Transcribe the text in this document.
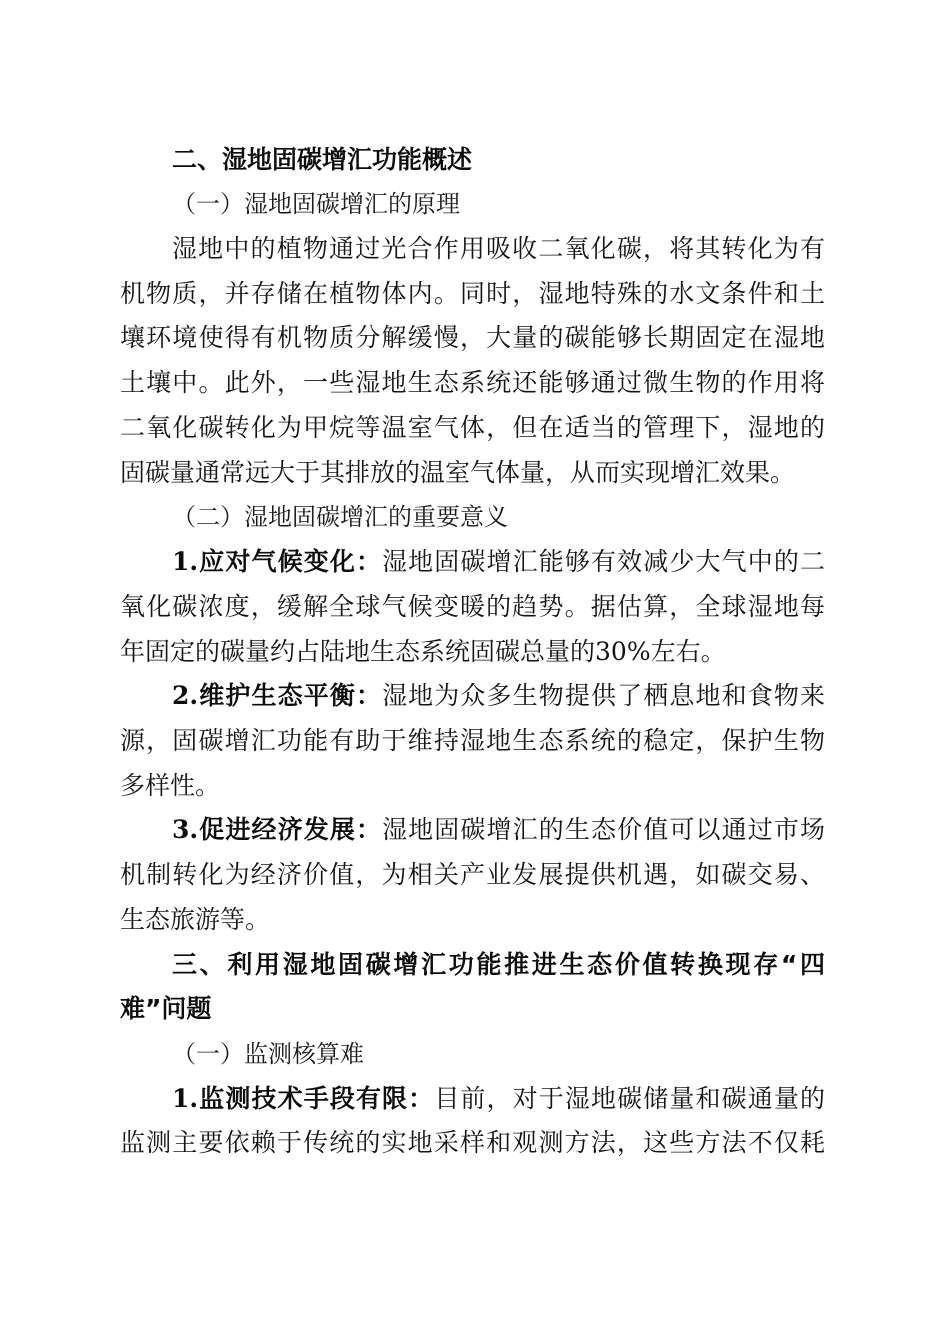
二、湿地固碳增汇功能概述
（一）湿地固碳增汇的原理
湿地中的植物通过光合作用吸收二氧化碳，将其转化为有
机物质，并存储在植物体内。同时，湿地特殊的水文条件和土
壤环境使得有机物质分解缓慢，大量的碳能够长期固定在湿地
土壤中。此外，一些湿地生态系统还能够通过微生物的作用将
二氧化碳转化为甲烷等温室气体，但在适当的管理下，湿地的
固碳量通常远大于其排放的温室气体量，从而实现增汇效果。
（二）湿地固碳增汇的重要意义
1.应对气候变化：湿地固碳增汇能够有效减少大气中的二
氧化碳浓度，缓解全球气候变暖的趋势。据估算，全球湿地每
年固定的碳量约占陆地生态系统固碳总量的30%左右。
2.维护生态平衡：湿地为众多生物提供了栖息地和食物来
源，固碳增汇功能有助于维持湿地生态系统的稳定，保护生物
多样性。
3.促进经济发展：湿地固碳增汇的生态价值可以通过市场
机制转化为经济价值，为相关产业发展提供机遇，如碳交易、
生态旅游等。
三、利用湿地固碳增汇功能推进生态价值转换现存“四
难”问题
（一）监测核算难
1.监测技术手段有限：目前，对于湿地碳储量和碳通量的
监测主要依赖于传统的实地采样和观测方法，这些方法不仅耗
